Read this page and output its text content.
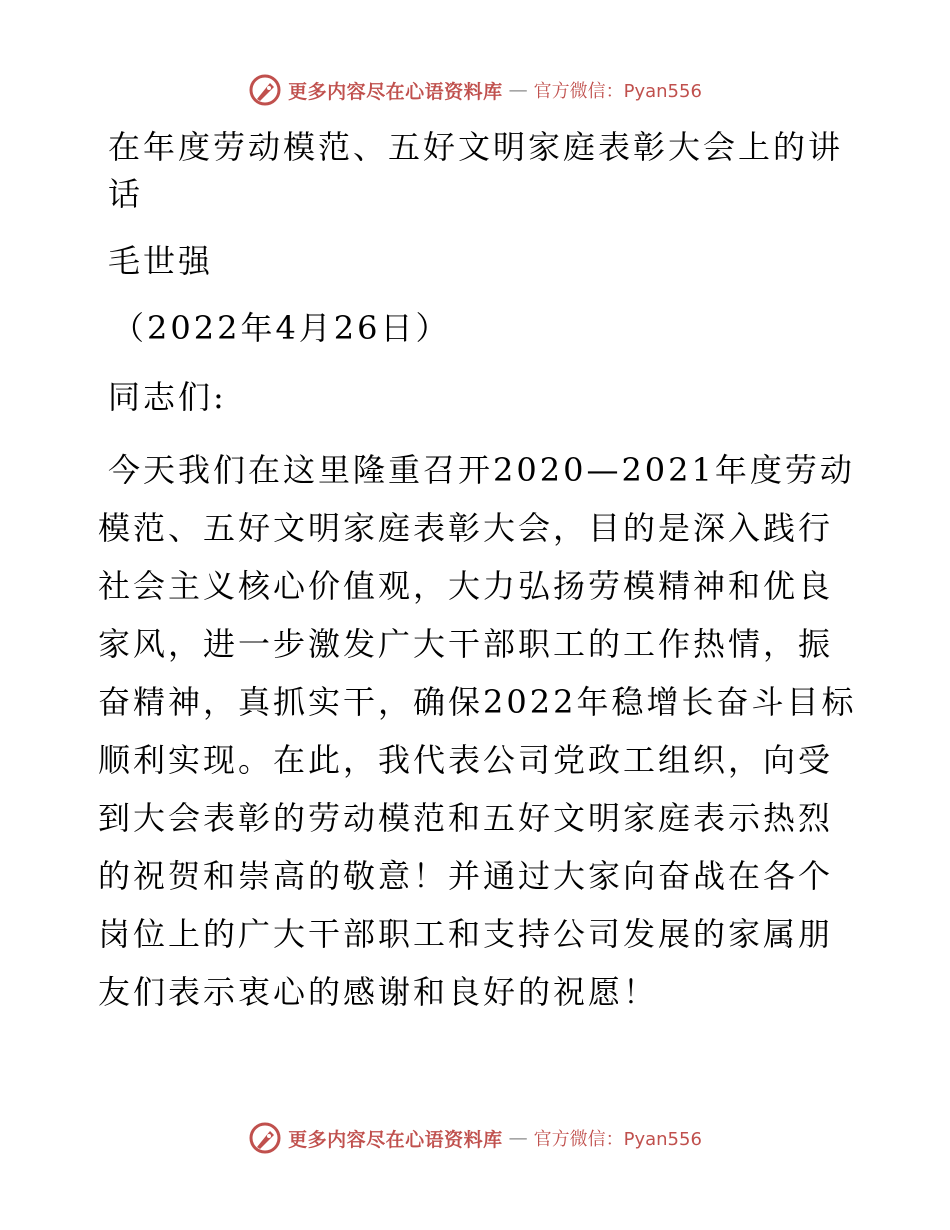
更多内容尽在心语资料库 — 官方微信：Pyan556
在年度劳动模范、五好文明家庭表彰大会上的讲话

毛世强

（2022年4月26日）

同志们:

今天我们在这里隆重召开2020—2021年度劳动模范、五好文明家庭表彰大会，目的是深入践行社会主义核心价值观，大力弘扬劳模精神和优良家风，进一步激发广大干部职工的工作热情，振奋精神，真抓实干，确保2022年稳增长奋斗目标顺利实现。在此，我代表公司党政工组织，向受到大会表彰的劳动模范和五好文明家庭表示热烈的祝贺和崇高的敬意！并通过大家向奋战在各个岗位上的广大干部职工和支持公司发展的家属朋友们表示衷心的感谢和良好的祝愿！

更多内容尽在心语资料库 — 官方微信：Pyan556
